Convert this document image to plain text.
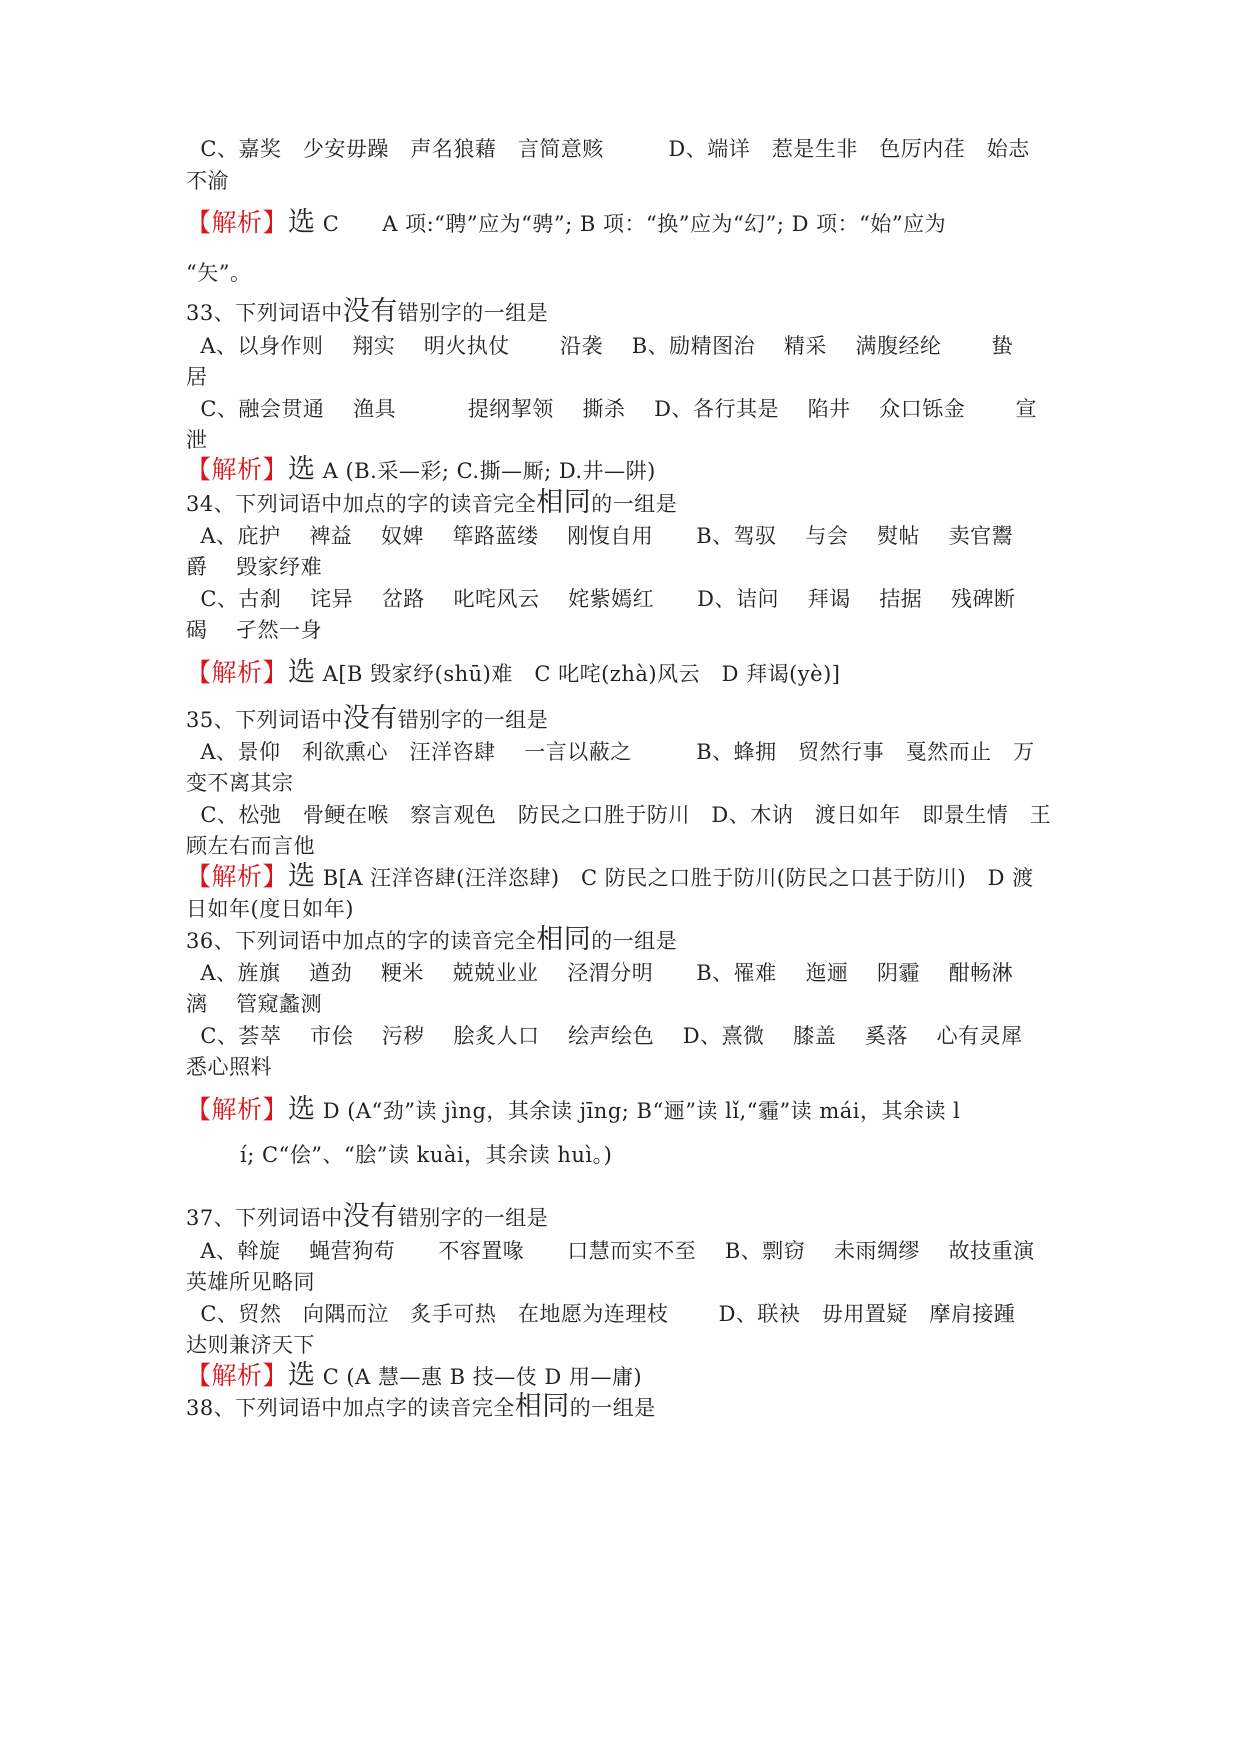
C、嘉奖　少安毋躁　声名狼藉　言简意赅　　　D、端详　惹是生非　色厉内荏　始志
不渝
【解析】选 C　　A 项:“聘”应为“骋”; B 项：“换”应为“幻”; D 项：“始”应为
“矢”。
33、下列词语中没有错别字的一组是
A、以身作则　 翔实　 明火执仗　　 沿袭　 B、励精图治　 精采　 满腹经纶　　 蛰
居
C、融会贯通　 渔具　　　 提纲挈领　 撕杀　 D、各行其是　 陷井　 众口铄金　　 宣
泄
【解析】选 A (B.采—彩; C.撕—厮; D.井—阱)
34、下列词语中加点的字的读音完全相同的一组是
A、庇护　 裨益　 奴婢　 筚路蓝缕　 刚愎自用　　B、驾驭　 与会　 熨帖　 卖官鬻
爵　 毁家纾难
C、古刹　 诧异　 岔路　 叱咤风云　 姹紫嫣红　　D、诘问　 拜谒　 拮据　 残碑断
碣　 孑然一身
【解析】选 A[B 毁家纾(shū)难　C 叱咤(zhà)风云　D 拜谒(yè)]
35、下列词语中没有错别字的一组是
A、景仰　利欲熏心　汪洋咨肆　 一言以蔽之　　　B、蜂拥　贸然行事　戛然而止　万
变不离其宗
C、松弛　骨鲠在喉　察言观色　防民之口胜于防川　D、木讷　渡日如年　即景生情　王
顾左右而言他
【解析】选 B[A 汪洋咨肆(汪洋恣肆)　C 防民之口胜于防川(防民之口甚于防川)　D 渡
日如年(度日如年)
36、下列词语中加点的字的读音完全相同的一组是
A、旌旗　 遒劲　 粳米　 兢兢业业　 泾渭分明　　B、罹难　 迤逦　 阴霾　 酣畅淋
漓　 管窥蠡测
C、荟萃　 市侩　 污秽　 脍炙人口　 绘声绘色　 D、熹微　 膝盖　 奚落　 心有灵犀
悉心照料
【解析】选 D (A“劲”读 jìng，其余读 jīng; B“逦”读 lǐ,“霾”读 mái，其余读 l
í; C“侩”、“脍”读 kuài，其余读 huì。)
37、下列词语中没有错别字的一组是
A、斡旋　 蝇营狗苟　　不容置喙　　口慧而实不至　 B、剽窃　 未雨绸缪　 故技重演
英雄所见略同
C、贸然　向隅而泣　炙手可热　在地愿为连理枝　　 D、联袂　毋用置疑　摩肩接踵
达则兼济天下
【解析】选 C (A 慧—惠 B 技—伎 D 用—庸)
38、下列词语中加点字的读音完全相同的一组是
